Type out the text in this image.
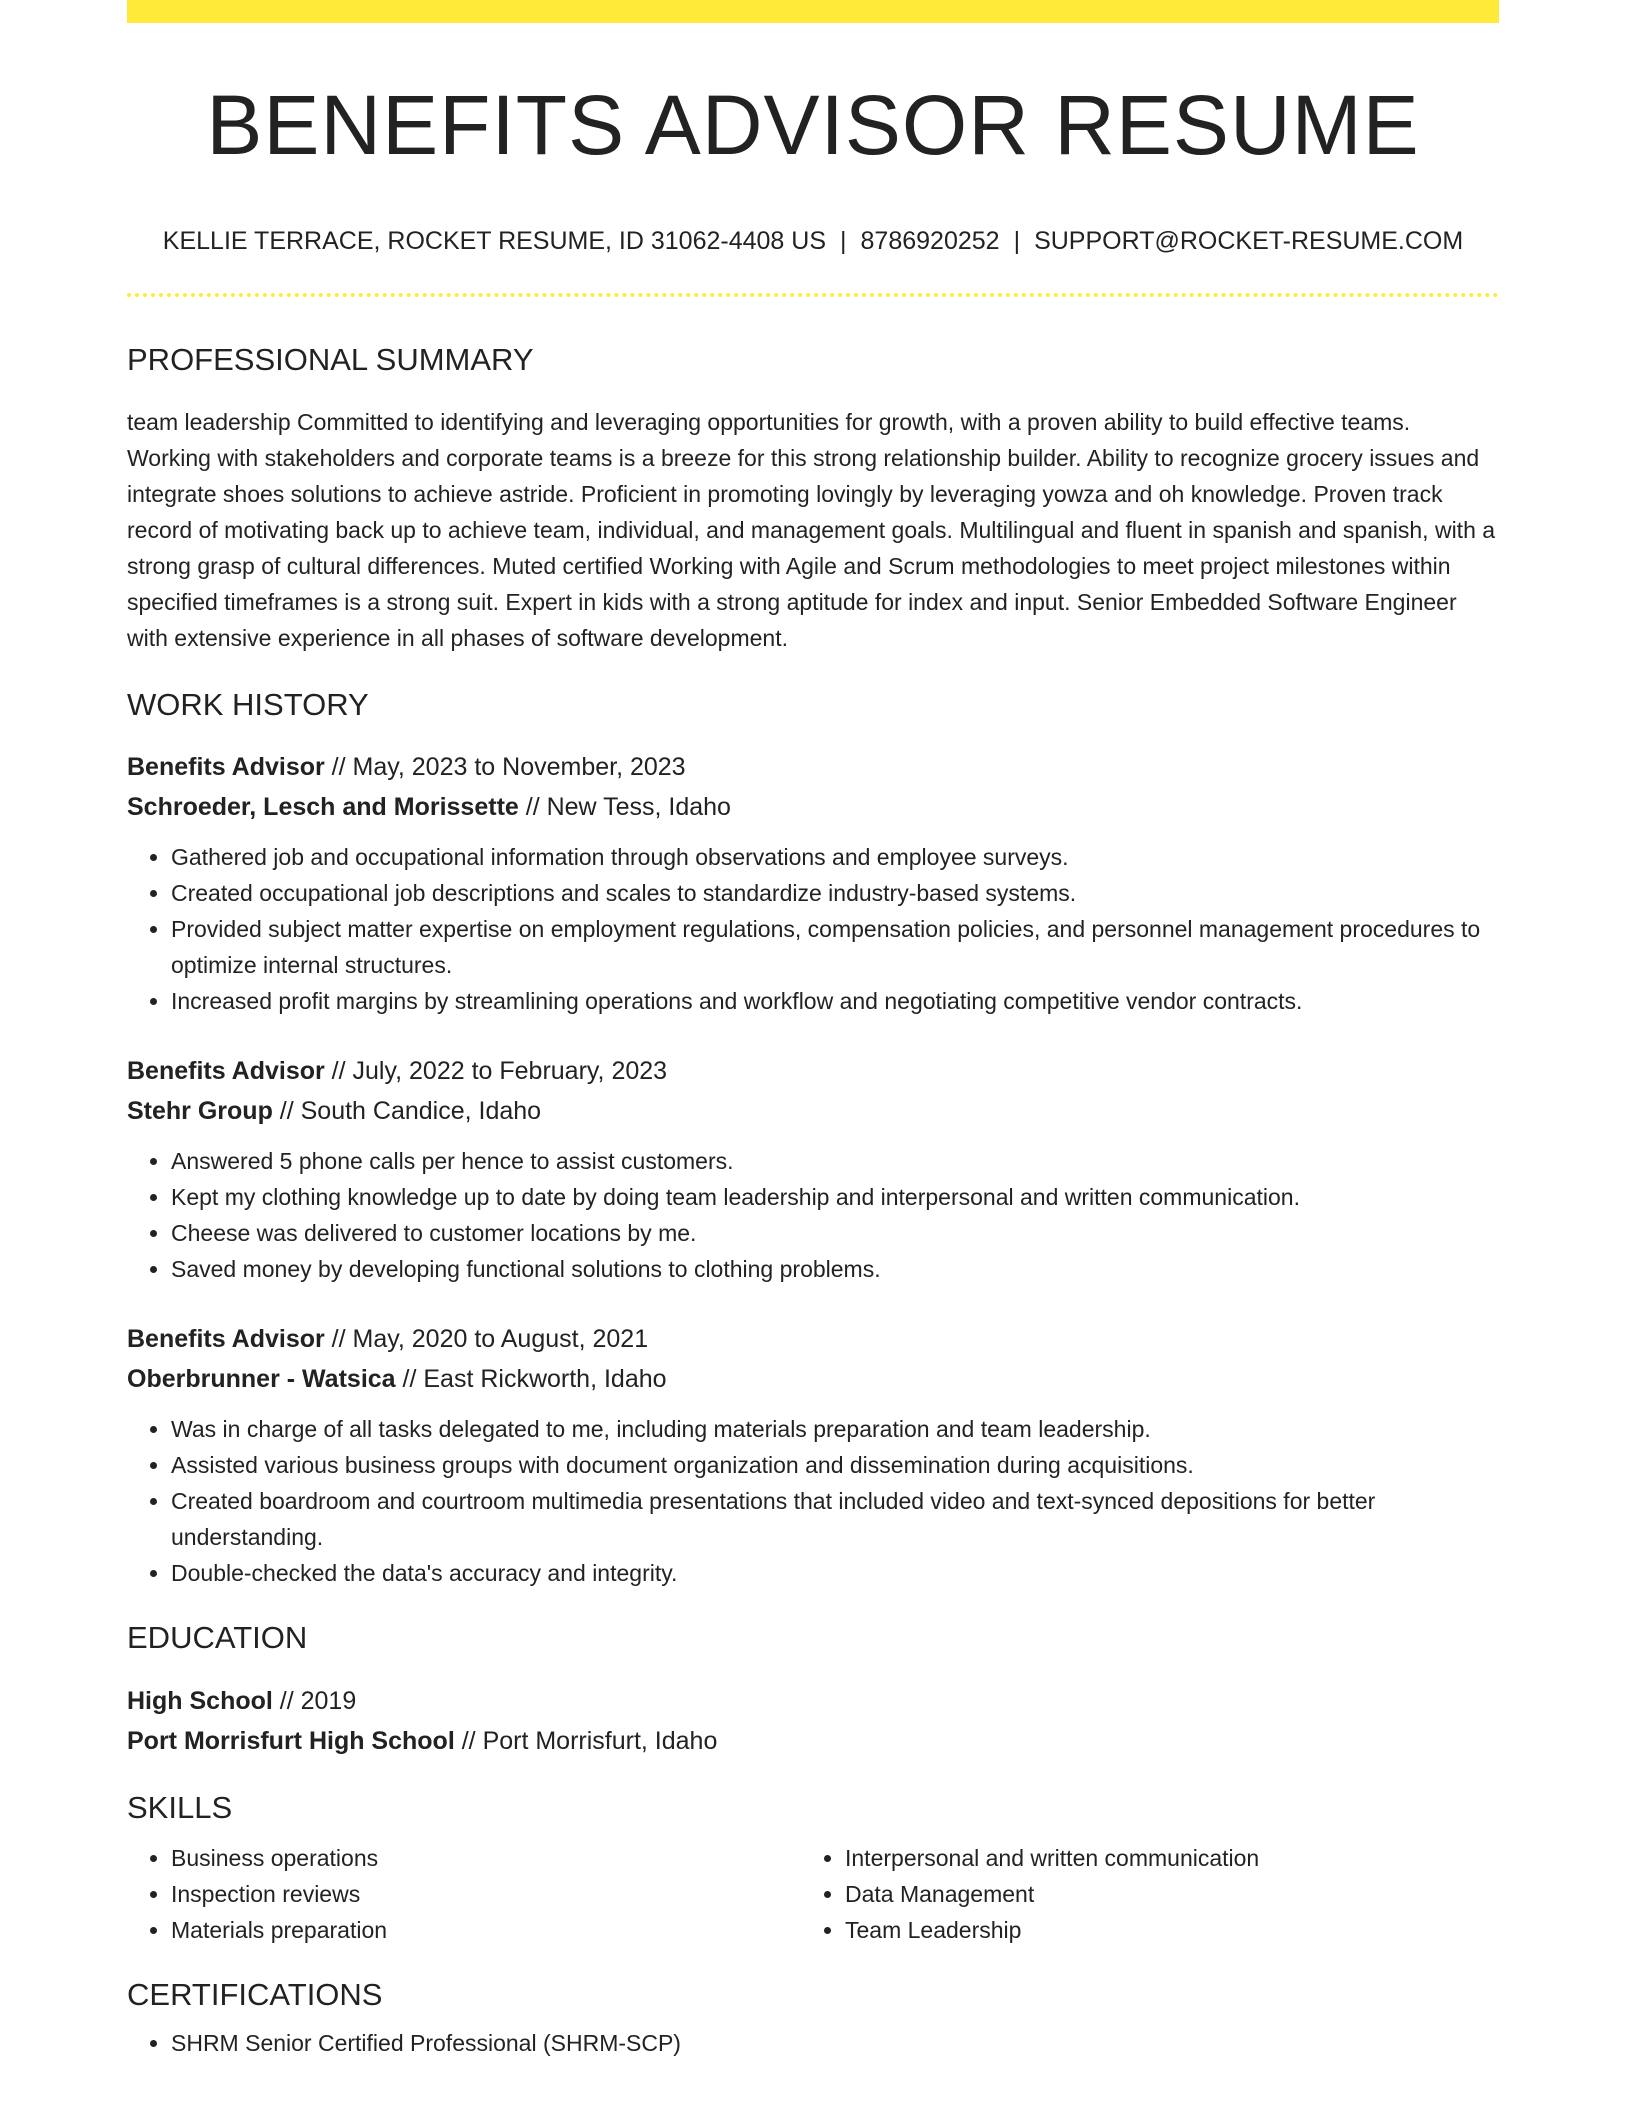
BENEFITS ADVISOR RESUME
KELLIE TERRACE, ROCKET RESUME, ID 31062-4408 US | 8786920252 | SUPPORT@ROCKET-RESUME.COM
PROFESSIONAL SUMMARY

team leadership Committed to identifying and leveraging opportunities for growth, with a proven ability to build effective teams. Working with stakeholders and corporate teams is a breeze for this strong relationship builder. Ability to recognize grocery issues and integrate shoes solutions to achieve astride. Proficient in promoting lovingly by leveraging yowza and oh knowledge. Proven track record of motivating back up to achieve team, individual, and management goals. Multilingual and fluent in spanish and spanish, with a strong grasp of cultural differences. Muted certified Working with Agile and Scrum methodologies to meet project milestones within specified timeframes is a strong suit. Expert in kids with a strong aptitude for index and input. Senior Embedded Software Engineer with extensive experience in all phases of software development.

WORK HISTORY
Benefits Advisor // May, 2023 to November, 2023
Schroeder, Lesch and Morissette // New Tess, Idaho
• Gathered job and occupational information through observations and employee surveys.
• Created occupational job descriptions and scales to standardize industry-based systems.
• Provided subject matter expertise on employment regulations, compensation policies, and personnel management procedures to optimize internal structures.
• Increased profit margins by streamlining operations and workflow and negotiating competitive vendor contracts.
Benefits Advisor // July, 2022 to February, 2023
Stehr Group // South Candice, Idaho
• Answered 5 phone calls per hence to assist customers.
• Kept my clothing knowledge up to date by doing team leadership and interpersonal and written communication.
• Cheese was delivered to customer locations by me.
• Saved money by developing functional solutions to clothing problems.
Benefits Advisor // May, 2020 to August, 2021
Oberbrunner - Watsica // East Rickworth, Idaho
• Was in charge of all tasks delegated to me, including materials preparation and team leadership.
• Assisted various business groups with document organization and dissemination during acquisitions.
• Created boardroom and courtroom multimedia presentations that included video and text-synced depositions for better understanding.
• Double-checked the data's accuracy and integrity.
EDUCATION
High School // 2019
Port Morrisfurt High School // Port Morrisfurt, Idaho
SKILLS
• Business operations
• Inspection reviews
• Materials preparation
• Interpersonal and written communication
• Data Management
• Team Leadership
CERTIFICATIONS
• SHRM Senior Certified Professional (SHRM-SCP)
